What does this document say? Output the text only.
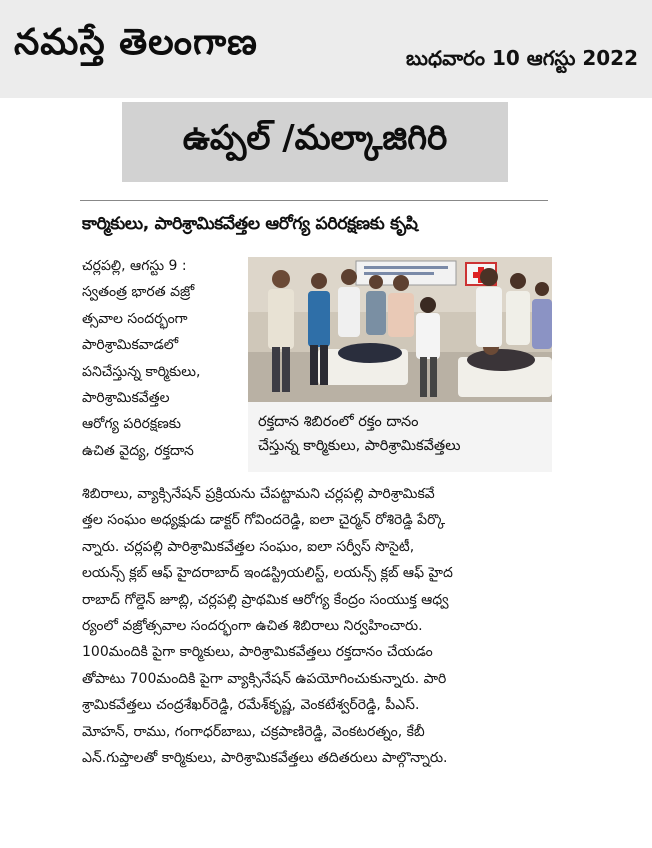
నమస్తే తెలంగాణ	బుధవారం 10 ఆగస్టు 2022
ఉప్పల్ /మల్కాజిగిరి
కార్మికులు, పారిశ్రామికవేత్తల ఆరోగ్య పరిరక్షణకు కృషి
చర్లపల్లి, ఆగస్టు 9 :
స్వతంత్ర భారత వజ్రో
త్సవాల సందర్భంగా
పారిశ్రామికవాడలో
పనిచేస్తున్న కార్మికులు,
పారిశ్రామికవేత్తల
ఆరోగ్య పరిరక్షణకు
ఉచిత వైద్య, రక్తదాన
రక్తదాన శిబిరంలో రక్తం దానం
చేస్తున్న కార్మికులు, పారిశ్రామికవేత్తలు
శిబిరాలు, వ్యాక్సినేషన్ ప్రక్రియను చేపట్టామని చర్లపల్లి పారిశ్రామికవే
త్తల సంఘం అధ్యక్షుడు డాక్టర్ గోవిందరెడ్డి, ఐలా చైర్మన్ రోశిరెడ్డి పేర్కొ
న్నారు. చర్లపల్లి పారిశ్రామికవేత్తల సంఘం, ఐలా సర్వీస్ సొసైటీ,
లయన్స్ క్లబ్ ఆఫ్ హైదరాబాద్ ఇండస్ట్రియలిస్ట్, లయన్స్ క్లబ్ ఆఫ్ హైద
రాబాద్ గోల్డెన్ జూబ్లి, చర్లపల్లి ప్రాథమిక ఆరోగ్య కేంద్రం సంయుక్త ఆధ్వ
ర్యంలో వజ్రోత్సవాల సందర్భంగా ఉచిత శిబిరాలు నిర్వహించారు.
100మందికి పైగా కార్మికులు, పారిశ్రామికవేత్తలు రక్తదానం చేయడం
తోపాటు 700మందికి పైగా వ్యాక్సినేషన్ ఉపయోగించుకున్నారు. పారి
శ్రామికవేత్తలు చంద్రశేఖర్‌రెడ్డి, రమేశ్‌కృష్ణ, వెంకటేశ్వర్‌రెడ్డి, పీఎస్.
మోహన్, రాము, గంగాధర్‌బాబు, చక్రపాణిరెడ్డి, వెంకటరత్నం, కేబీ
ఎన్.గుప్తాలతో కార్మికులు, పారిశ్రామికవేత్తలు తదితరులు పాల్గొన్నారు.
